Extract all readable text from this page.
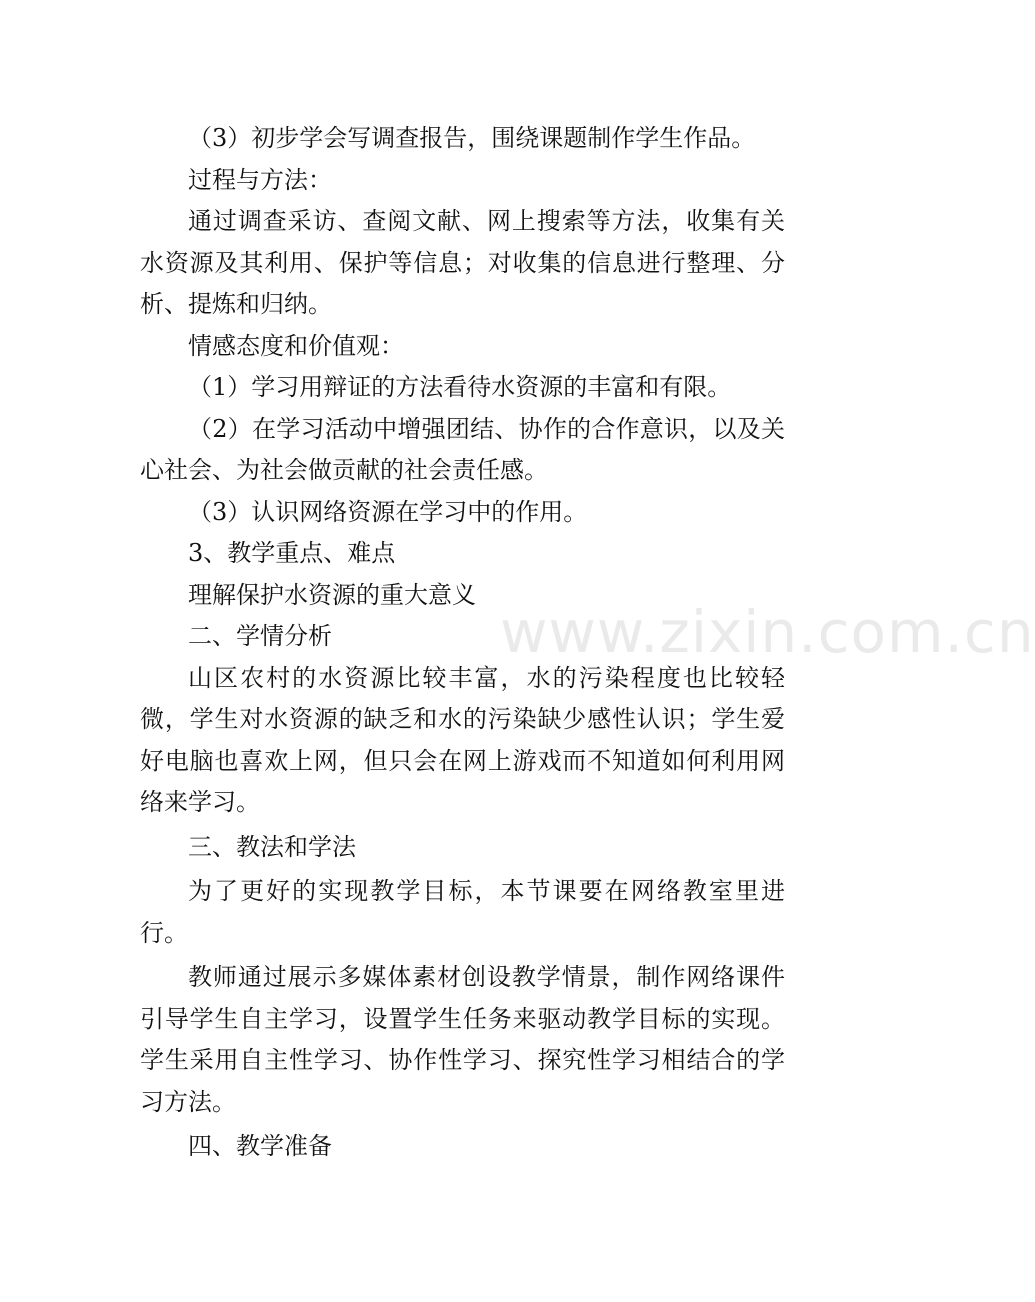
（3）初步学会写调查报告，围绕课题制作学生作品。

过程与方法：

通过调查采访、查阅文献、网上搜索等方法，收集有关水资源及其利用、保护等信息；对收集的信息进行整理、分析、提炼和归纳。

情感态度和价值观：

（1）学习用辩证的方法看待水资源的丰富和有限。

（2）在学习活动中增强团结、协作的合作意识，以及关心社会、为社会做贡献的社会责任感。

（3）认识网络资源在学习中的作用。

3、教学重点、难点

理解保护水资源的重大意义

二、学情分析

山区农村的水资源比较丰富，水的污染程度也比较轻微，学生对水资源的缺乏和水的污染缺少感性认识；学生爱好电脑也喜欢上网，但只会在网上游戏而不知道如何利用网络来学习。

三、教法和学法

为了更好的实现教学目标，本节课要在网络教室里进行。

教师通过展示多媒体素材创设教学情景，制作网络课件引导学生自主学习，设置学生任务来驱动教学目标的实现。学生采用自主性学习、协作性学习、探究性学习相结合的学习方法。

四、教学准备

www.zixin.com.cn
